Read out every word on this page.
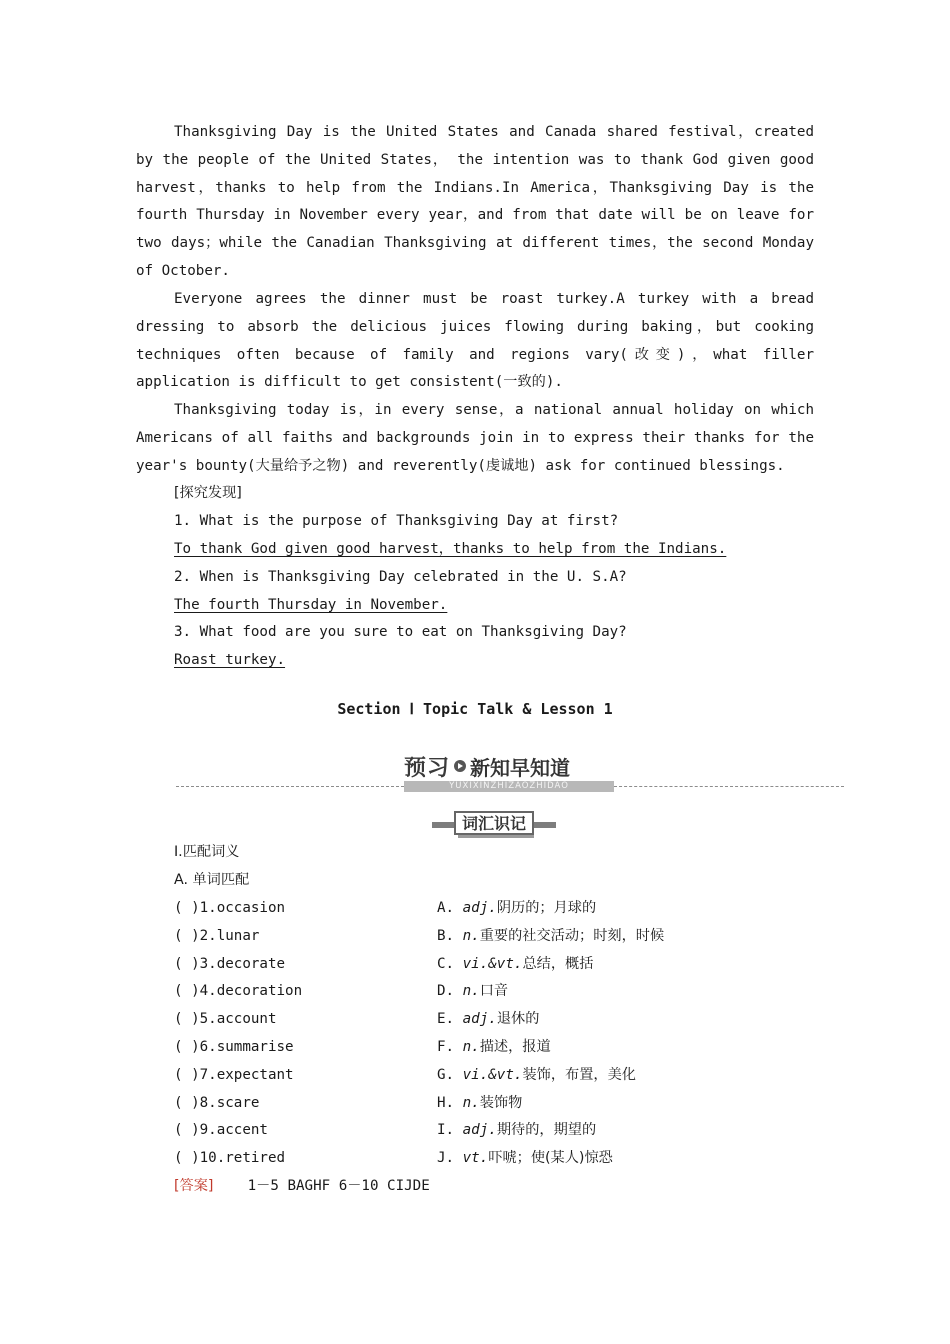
Thanksgiving Day is the United States and Canada shared festival，created by the people of the United States， the intention was to thank God given good harvest，thanks to help from the Indians.In America，Thanksgiving Day is the fourth Thursday in November every year，and from that date will be on leave for two days；while the Canadian Thanksgiving at different times，the second Monday of October.

Everyone agrees the dinner must be roast turkey.A turkey with a bread dressing to absorb the delicious juices flowing during baking，but cooking techniques often because of family and regions vary(改变)，what filler application is difficult to get consistent(一致的).

Thanksgiving today is，in every sense，a national annual holiday on which Americans of all faiths and backgrounds join in to express their thanks for the year's bounty(大量给予之物) and reverently(虔诚地) ask for continued blessings.

[探究发现]
1. What is the purpose of Thanksgiving Day at first?
To thank God given good harvest，thanks to help from the Indians.
2. When is Thanksgiving Day celebrated in the U. S.A?
The fourth Thursday in November.
3. What food are you sure to eat on Thanksgiving Day?
Roast turkey.
Section Ⅰ Topic Talk & Lesson 1
预习 新知早知道
YUXIXINZHIZAOZHIDAO
词汇识记
Ⅰ.匹配词义
A. 单词匹配
( )1.occasion
( )2.lunar
( )3.decorate
( )4.decoration
( )5.account
( )6.summarise
( )7.expectant
( )8.scare
( )9.accent
( )10.retired
A. adj.阴历的；月球的
B. n.重要的社交活动；时刻，时候
C. vi.&vt.总结，概括
D. n.口音
E. adj.退休的
F. n.描述，报道
G. vi.&vt.装饰，布置，美化
H. n.装饰物
I. adj.期待的，期望的
J. vt.吓唬；使(某人)惊恐
[答案] 1－5 BAGHF 6－10 CIJDE
